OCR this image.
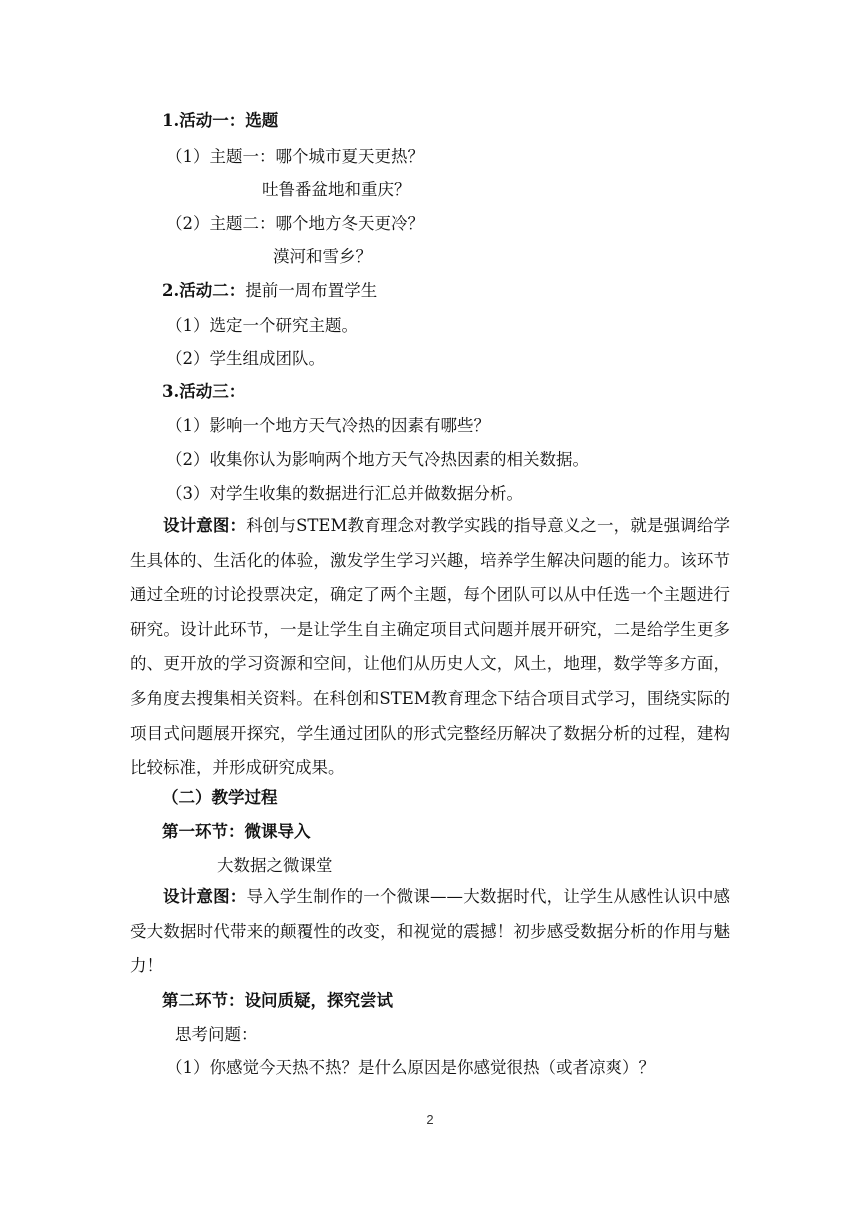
1.活动一：选题
（1）主题一：哪个城市夏天更热？
吐鲁番盆地和重庆？
（2）主题二：哪个地方冬天更冷？
漠河和雪乡？
2.活动二：提前一周布置学生
（1）选定一个研究主题。
（2）学生组成团队。
3.活动三：
（1）影响一个地方天气冷热的因素有哪些？
（2）收集你认为影响两个地方天气冷热因素的相关数据。
（3）对学生收集的数据进行汇总并做数据分析。
设计意图：科创与STEM教育理念对教学实践的指导意义之一，就是强调给学生具体的、生活化的体验，激发学生学习兴趣，培养学生解决问题的能力。该环节通过全班的讨论投票决定，确定了两个主题，每个团队可以从中任选一个主题进行研究。设计此环节，一是让学生自主确定项目式问题并展开研究，二是给学生更多的、更开放的学习资源和空间，让他们从历史人文，风土，地理，数学等多方面，多角度去搜集相关资料。在科创和STEM教育理念下结合项目式学习，围绕实际的项目式问题展开探究，学生通过团队的形式完整经历解决了数据分析的过程，建构比较标准，并形成研究成果。
（二）教学过程
第一环节：微课导入
大数据之微课堂
设计意图：导入学生制作的一个微课——大数据时代，让学生从感性认识中感受大数据时代带来的颠覆性的改变，和视觉的震撼！初步感受数据分析的作用与魅力！
第二环节：设问质疑，探究尝试
思考问题：
（1）你感觉今天热不热？是什么原因是你感觉很热（或者凉爽）？
2
